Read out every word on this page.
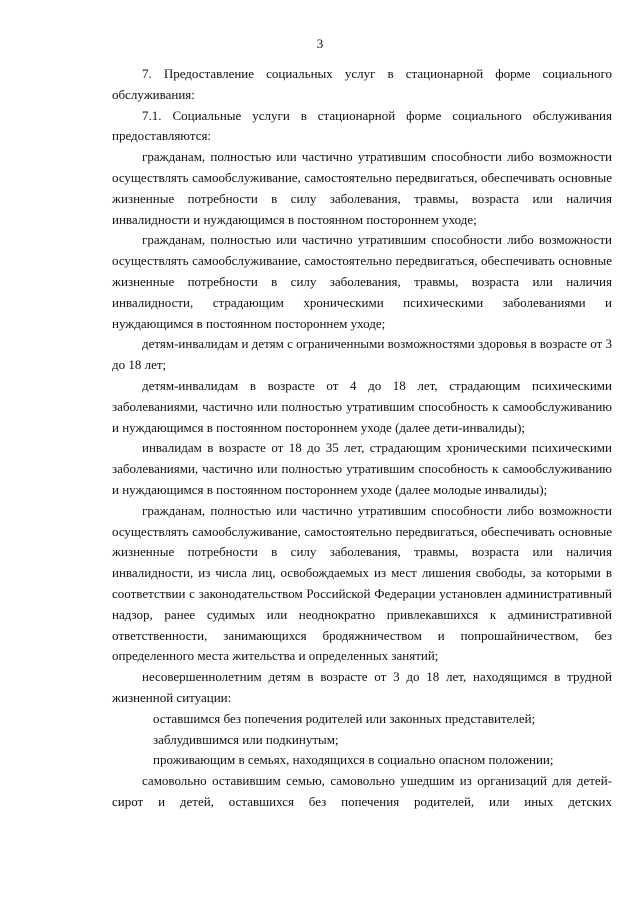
3

7. Предоставление социальных услуг в стационарной форме социального обслуживания:

7.1. Социальные услуги в стационарной форме социального обслуживания предоставляются:

гражданам, полностью или частично утратившим способности либо возможности осуществлять самообслуживание, самостоятельно передвигаться, обеспечивать основные жизненные потребности в силу заболевания, травмы, возраста или наличия инвалидности и нуждающимся в постоянном постороннем уходе;

гражданам, полностью или частично утратившим способности либо возможности осуществлять самообслуживание, самостоятельно передвигаться, обеспечивать основные жизненные потребности в силу заболевания, травмы, возраста или наличия инвалидности, страдающим хроническими психическими заболеваниями и нуждающимся в постоянном постороннем уходе;

детям-инвалидам и детям с ограниченными возможностями здоровья в возрасте от 3 до 18 лет;

детям-инвалидам в возрасте от 4 до 18 лет, страдающим психическими заболеваниями, частично или полностью утратившим способность к самообслуживанию и нуждающимся в постоянном постороннем уходе (далее дети-инвалиды);

инвалидам в возрасте от 18 до 35 лет, страдающим хроническими психическими заболеваниями, частично или полностью утратившим способность к самообслуживанию и нуждающимся в постоянном постороннем уходе (далее молодые инвалиды);

гражданам, полностью или частично утратившим способности либо возможности осуществлять самообслуживание, самостоятельно передвигаться, обеспечивать основные жизненные потребности в силу заболевания, травмы, возраста или наличия инвалидности, из числа лиц, освобождаемых из мест лишения свободы, за которыми в соответствии с законодательством Российской Федерации установлен административный надзор, ранее судимых или неоднократно привлекавшихся к административной ответственности, занимающихся бродяжничеством и попрошайничеством, без определенного места жительства и определенных занятий;

несовершеннолетним детям в возрасте от 3 до 18 лет, находящимся в трудной жизненной ситуации:

оставшимся без попечения родителей или законных представителей;

заблудившимся или подкинутым;

проживающим в семьях, находящихся в социально опасном положении;

самовольно оставившим семью, самовольно ушедшим из организаций для детей-сирот и детей, оставшихся без попечения родителей, или иных детских
